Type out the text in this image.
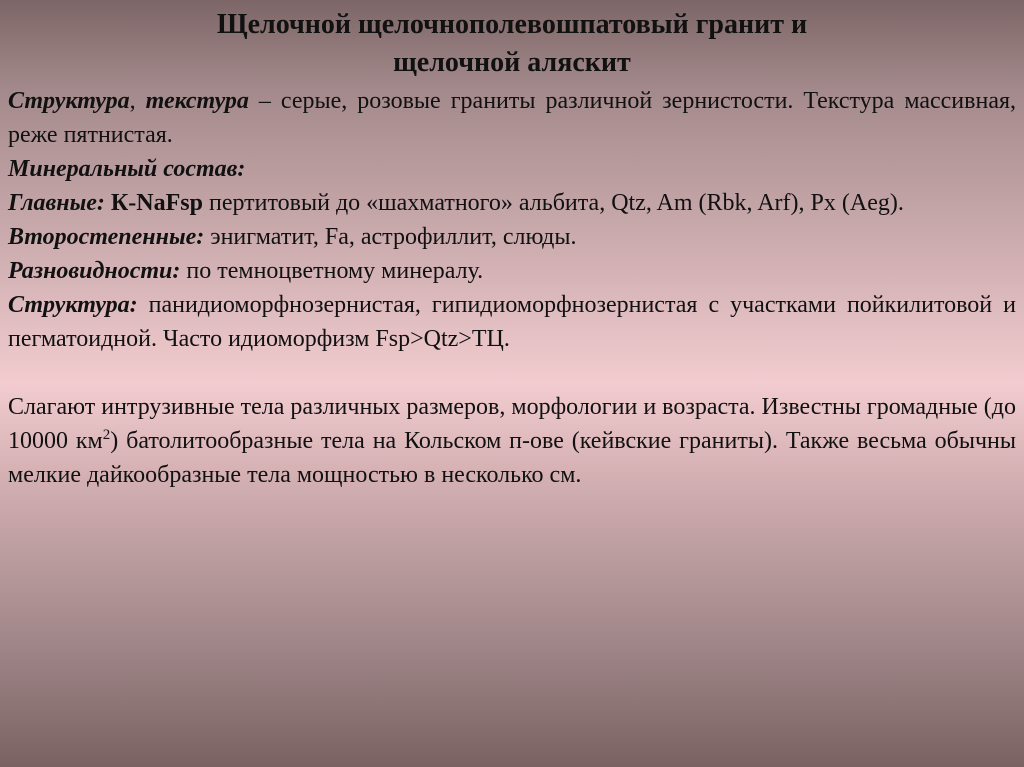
Щелочной щелочнополевошпатовый гранит и
щелочной аляскит

Структура, текстура – серые, розовые граниты различной зернистости. Текстура массивная, реже пятнистая.

Минеральный состав:

Главные: К-NaFsp пертитовый до «шахматного» альбита, Qtz, Am (Rbk, Arf), Px (Aeg).

Второстепенные: энигматит, Fa, астрофиллит, слюды.

Разновидности: по темноцветному минералу.

Структура: панидиоморфнозернистая, гипидиоморфнозернистая с участками пойкилитовой и пегматоидной. Часто идиоморфизм Fsp>Qtz>ТЦ.

Слагают интрузивные тела различных размеров, морфологии и возраста. Известны громадные (до 10000 $км^2$) батолитообразные тела на Кольском п-ове (кейвские граниты). Также весьма обычны мелкие дайкообразные тела мощностью в несколько см.
